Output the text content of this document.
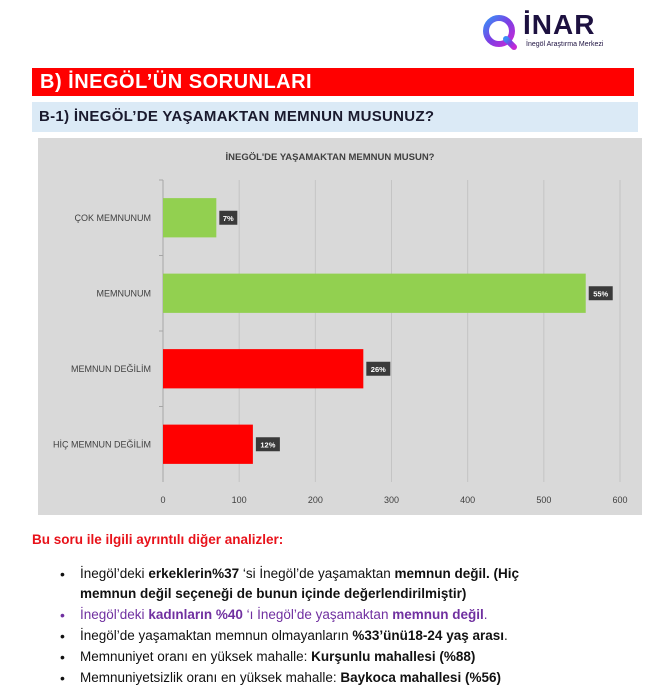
İNAR
İnegöl Araştırma Merkezi
B) İNEGÖL’ÜN SORUNLARI
B-1) İNEGÖL’DE YAŞAMAKTAN MEMNUN MUSUNUZ?
İNEGÖL'DE YAŞAMAKTAN MEMNUN MUSUN?
0	100	200	300	400	500	600
ÇOK MEMNUNUM	7%
MEMNUNUM	55%
MEMNUN DEĞİLİM	26%
HİÇ MEMNUN DEĞİLİM	12%
Bu soru ile ilgili ayrıntılı diğer analizler:
• İnegöl’deki erkeklerin%37 ‘si İnegöl’de yaşamaktan memnun değil. (Hiç
memnun değil seçeneği de bunun içinde değerlendirilmiştir)
• İnegöl’deki kadınların %40 ‘ı İnegöl’de yaşamaktan memnun değil.
• İnegöl’de yaşamaktan memnun olmayanların %33’ünü18-24 yaş arası.
• Memnuniyet oranı en yüksek mahalle: Kurşunlu mahallesi (%88)
• Memnuniyetsizlik oranı en yüksek mahalle: Baykoca mahallesi (%56)
